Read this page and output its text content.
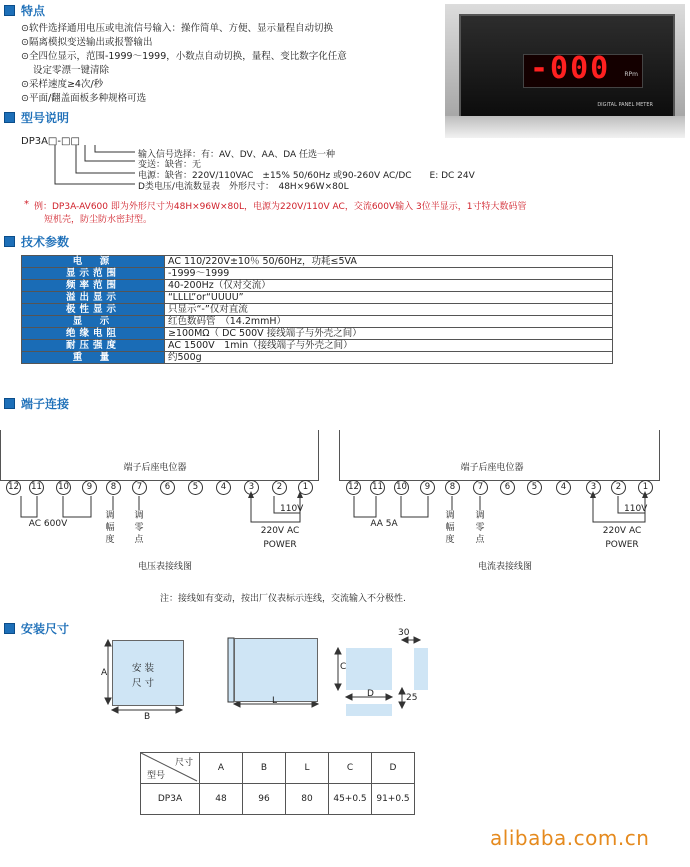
特点
⊙软件选择通用电压或电流信号输入：操作简单、方便、显示量程自动切换
⊙隔离模拟变送输出或报警输出
⊙全四位显示，范围-1999～1999，小数点自动切换，量程、变比数字化任意
设定零漂一键清除
⊙采样速度≥4次/秒
⊙平面/翻盖面板多种规格可选
-000 RPm
DIGITAL PANEL METER
型号说明
DP3A□-□□
输入信号选择：有：AV、DV、AA、DA 任选一种
变送：缺省：无
电源：缺省：220V/110VAC　±15% 50/60Hz 或90-260V AC/DC　　E: DC 24V
D类电压/电流数显表　外形尺寸：　48H×96W×80L
* 例：DP3A-AV600 即为外形尺寸为48H×96W×80L，电源为220V/110V AC，交流600V输入 3位半显示，1寸特大数码管
短机壳，防尘防水密封型。
技术参数
电　源	AC 110/220V±10％ 50/60Hz，功耗≤5VA
显示范围	-1999～1999
频率范围	40-200Hz（仅对交流）
溢出显示	“LLLL”or“UUUU”
极性显示	只显示“-”仅对直流
显　示	红色数码管　（14.2mmH）
绝缘电阻	≥100MΩ（ DC 500V 接线端子与外壳之间）
耐压强度	AC 1500V　1min（接线端子与外壳之间）
重　量	约500g
端子连接
端子后座电位器
12 11 10	9	8	7	6	5	4	3	2	1
AC 600V
调幅度
调零点
110V
220V AC
POWER
电压表接线图
端子后座电位器
12 11 10	9	8	7	6	5	4	3	2	1
AA 5A
调幅度
调零点
110V
220V AC
POWER
电流表接线图
注：接线如有变动，按出厂仪表标示连线，交流输入不分极性.
安装尺寸
安 装
尺 寸
A
B
L
C
D
30
25
尺寸
型号	A	B	L	C	D
DP3A	48	96	80	45+0.5	91+0.5
alibaba.com.cn
